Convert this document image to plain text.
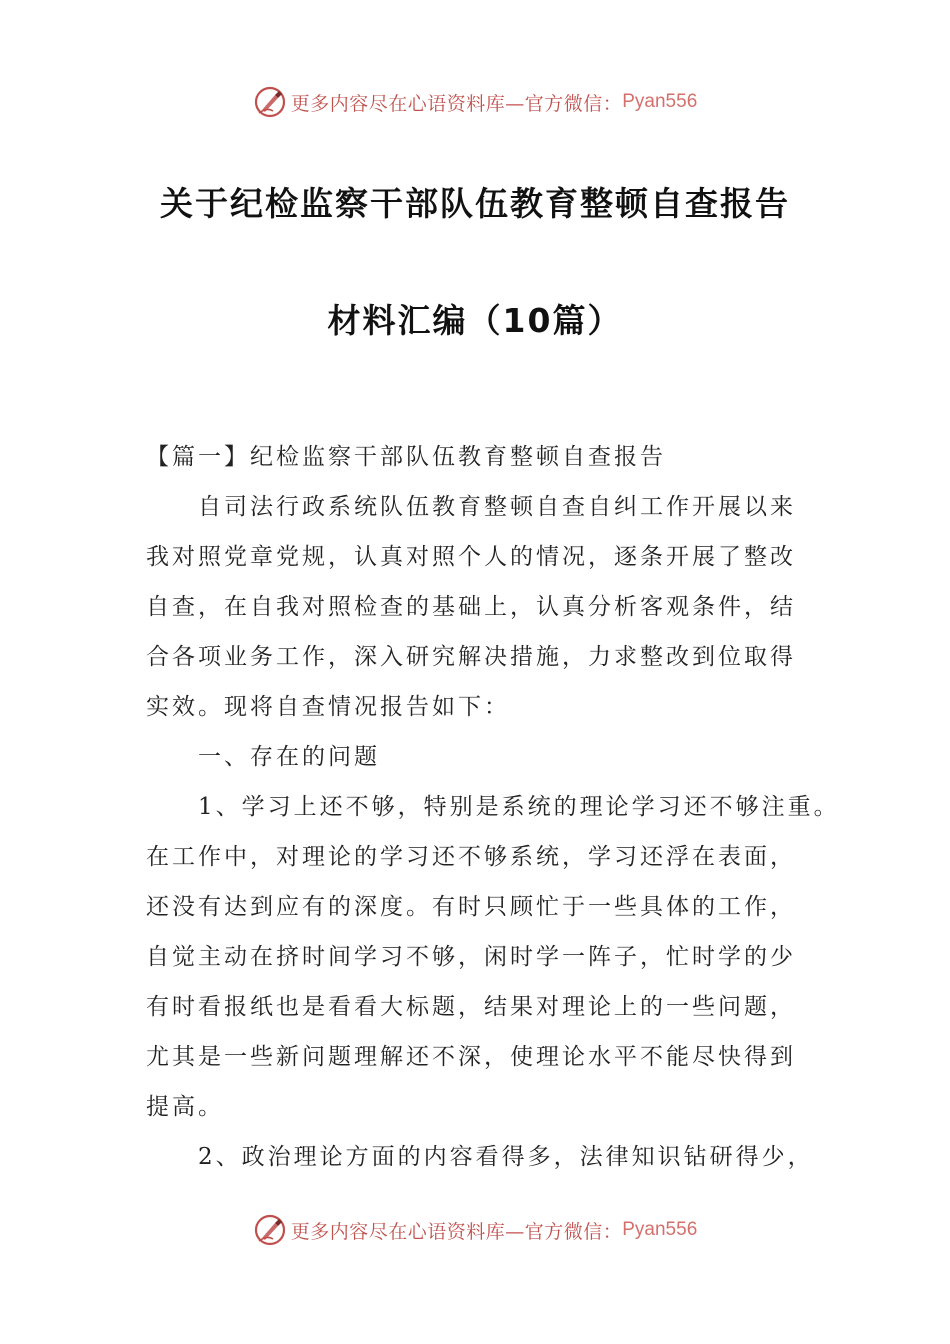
更多内容尽在心语资料库—官方微信： Pyan556
关于纪检监察干部队伍教育整顿自查报告
材料汇编（10篇）
【篇一】纪检监察干部队伍教育整顿自查报告
自司法行政系统队伍教育整顿自查自纠工作开展以来
我对照党章党规，认真对照个人的情况，逐条开展了整改
自查，在自我对照检查的基础上，认真分析客观条件，结
合各项业务工作，深入研究解决措施，力求整改到位取得
实效。现将自查情况报告如下：
一、存在的问题
1、学习上还不够，特别是系统的理论学习还不够注重。
在工作中，对理论的学习还不够系统，学习还浮在表面，
还没有达到应有的深度。有时只顾忙于一些具体的工作，
自觉主动在挤时间学习不够，闲时学一阵子，忙时学的少
有时看报纸也是看看大标题，结果对理论上的一些问题，
尤其是一些新问题理解还不深，使理论水平不能尽快得到
提高。
2、政治理论方面的内容看得多，法律知识钻研得少，
更多内容尽在心语资料库—官方微信： Pyan556
